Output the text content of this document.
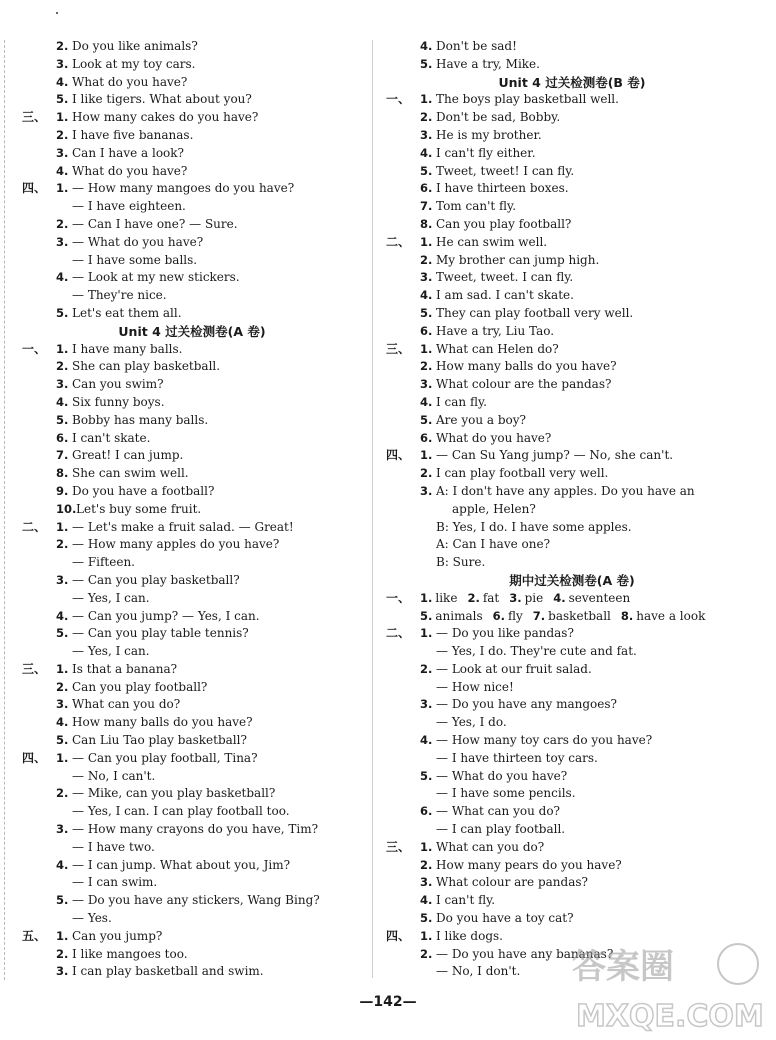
2. Do you like animals?
3. Look at my toy cars.
4. What do you have?
5. I like tigers. What about you?
三、 1. How many cakes do you have?
2. I have five bananas.
3. Can I have a look?
4. What do you have?
四、 1. — How many mangoes do you have?
— I have eighteen.
2. — Can I have one? — Sure.
3. — What do you have?
— I have some balls.
4. — Look at my new stickers.
— They're nice.
5. Let's eat them all.
Unit 4 过关检测卷(A 卷)
一、 1. I have many balls.
2. She can play basketball.
3. Can you swim?
4. Six funny boys.
5. Bobby has many balls.
6. I can't skate.
7. Great! I can jump.
8. She can swim well.
9. Do you have a football?
10.Let's buy some fruit.
二、 1. — Let's make a fruit salad. — Great!
2. — How many apples do you have?
— Fifteen.
3. — Can you play basketball?
— Yes, I can.
4. — Can you jump? — Yes, I can.
5. — Can you play table tennis?
— Yes, I can.
三、 1. Is that a banana?
2. Can you play football?
3. What can you do?
4. How many balls do you have?
5. Can Liu Tao play basketball?
四、 1. — Can you play football, Tina?
— No, I can't.
2. — Mike, can you play basketball?
— Yes, I can. I can play football too.
3. — How many crayons do you have, Tim?
— I have two.
4. — I can jump. What about you, Jim?
— I can swim.
5. — Do you have any stickers, Wang Bing?
— Yes.
五、 1. Can you jump?
2. I like mangoes too.
3. I can play basketball and swim.
4. Don't be sad!
5. Have a try, Mike.
Unit 4 过关检测卷(B 卷)
一、 1. The boys play basketball well.
2. Don't be sad, Bobby.
3. He is my brother.
4. I can't fly either.
5. Tweet, tweet! I can fly.
6. I have thirteen boxes.
7. Tom can't fly.
8. Can you play football?
二、 1. He can swim well.
2. My brother can jump high.
3. Tweet, tweet. I can fly.
4. I am sad. I can't skate.
5. They can play football very well.
6. Have a try, Liu Tao.
三、 1. What can Helen do?
2. How many balls do you have?
3. What colour are the pandas?
4. I can fly.
5. Are you a boy?
6. What do you have?
四、 1. — Can Su Yang jump? — No, she can't.
2. I can play football very well.
3. A: I don't have any apples. Do you have an
apple, Helen?
B: Yes, I do. I have some apples.
A: Can I have one?
B: Sure.
期中过关检测卷(A 卷)
一、 1. like 2. fat 3. pie 4. seventeen
5. animals 6. fly 7. basketball 8. have a look
二、 1. — Do you like pandas?
— Yes, I do. They're cute and fat.
2. — Look at our fruit salad.
— How nice!
3. — Do you have any mangoes?
— Yes, I do.
4. — How many toy cars do you have?
— I have thirteen toy cars.
5. — What do you have?
— I have some pencils.
6. — What can you do?
— I can play football.
三、 1. What can you do?
2. How many pears do you have?
3. What colour are pandas?
4. I can't fly.
5. Do you have a toy cat?
四、 1. I like dogs.
2. — Do you have any bananas?
— No, I don't.
—142—
答案圈
MXQE.COM
